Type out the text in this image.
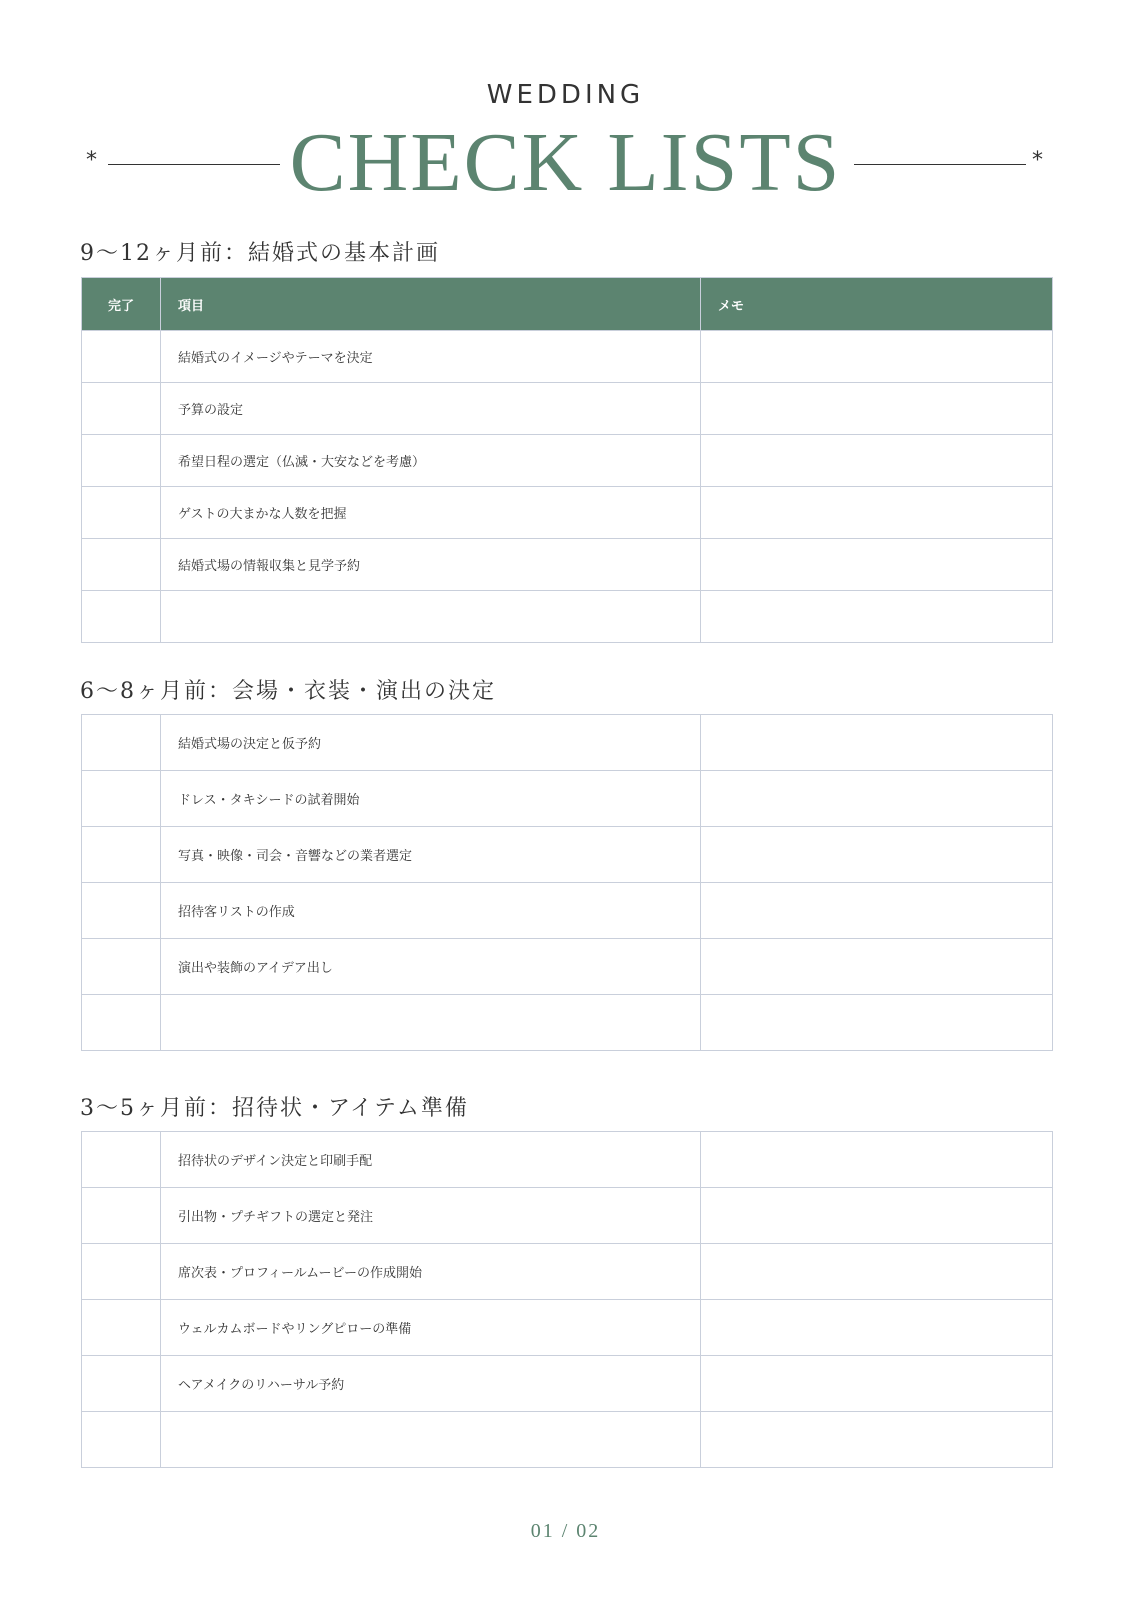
WEDDING
*	CHECK LISTS	*
9～12ヶ月前：結婚式の基本計画
完了	項目	メモ
	結婚式のイメージやテーマを決定	
	予算の設定	
	希望日程の選定（仏滅・大安などを考慮）	
	ゲストの大まかな人数を把握	
	結婚式場の情報収集と見学予約	

6～8ヶ月前：会場・衣装・演出の決定
	結婚式場の決定と仮予約	
	ドレス・タキシードの試着開始	
	写真・映像・司会・音響などの業者選定	
	招待客リストの作成	
	演出や装飾のアイデア出し	

3～5ヶ月前：招待状・アイテム準備
	招待状のデザイン決定と印刷手配	
	引出物・プチギフトの選定と発注	
	席次表・プロフィールムービーの作成開始	
	ウェルカムボードやリングピローの準備	
	ヘアメイクのリハーサル予約	

01 / 02
